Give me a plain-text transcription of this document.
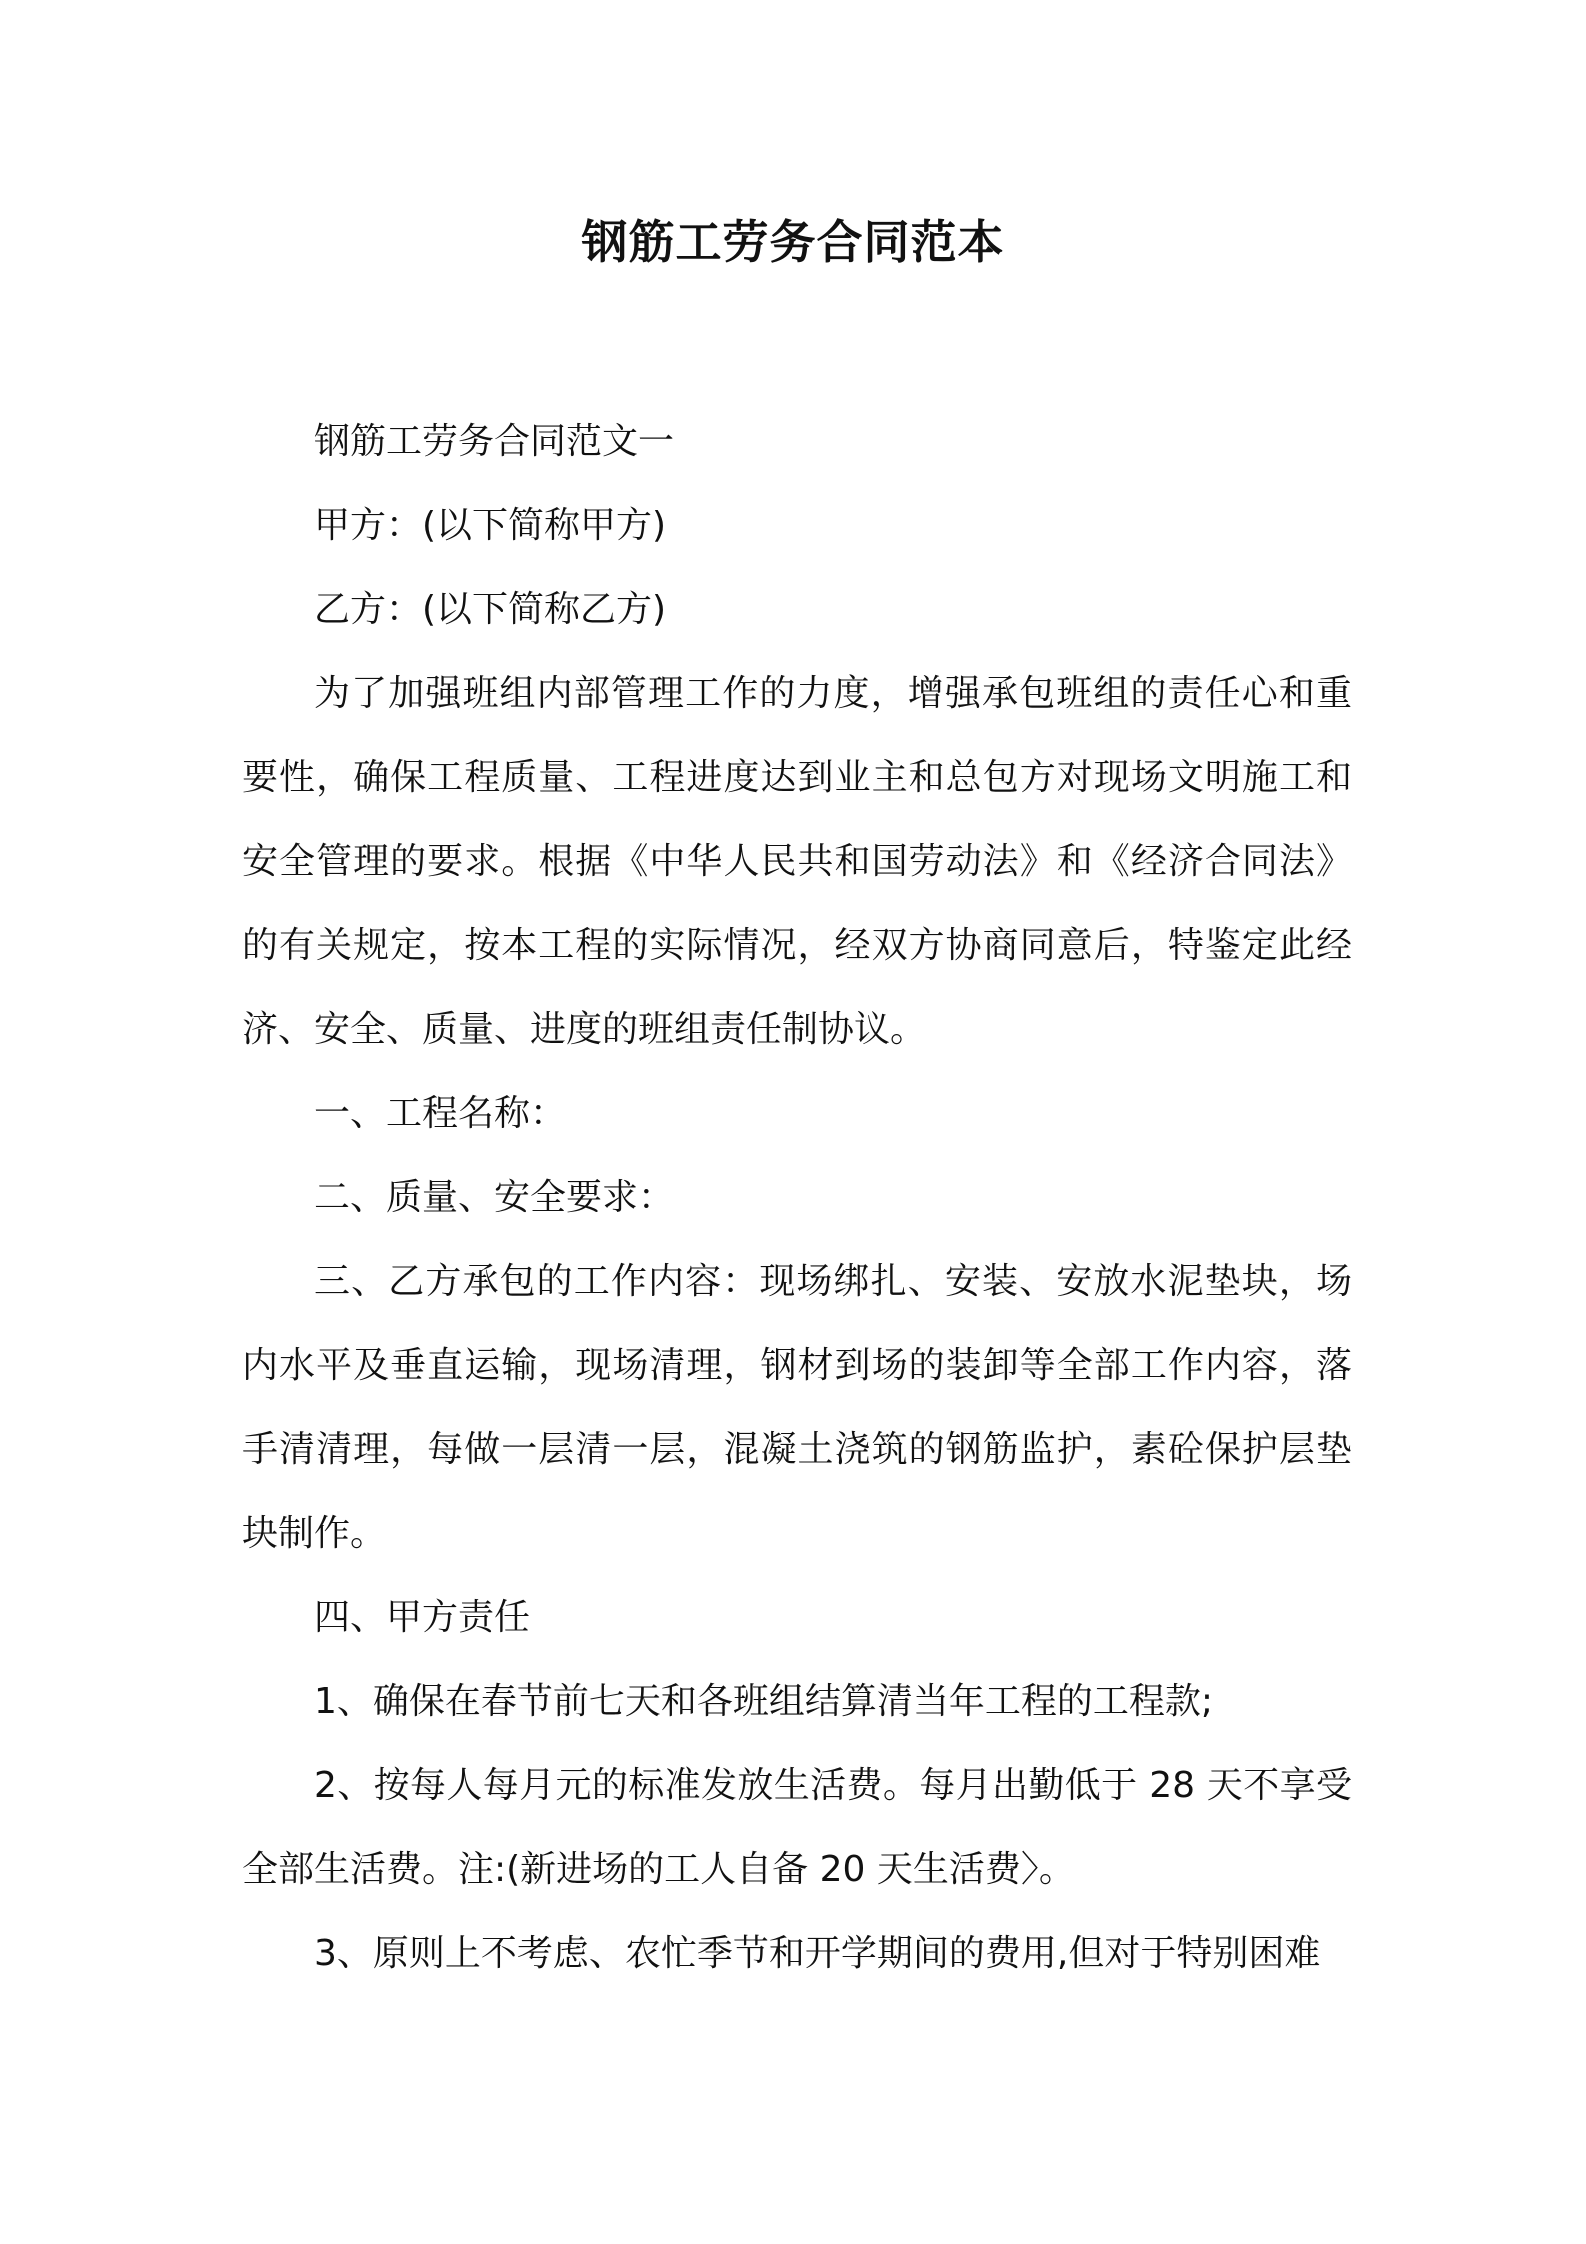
钢筋工劳务合同范本

钢筋工劳务合同范文一

甲方：(以下简称甲方)

乙方：(以下简称乙方)

为了加强班组内部管理工作的力度，增强承包班组的责任心和重要性，确保工程质量、工程进度达到业主和总包方对现场文明施工和安全管理的要求。根据《中华人民共和国劳动法》和《经济合同法》的有关规定，按本工程的实际情况，经双方协商同意后，特鉴定此经济、安全、质量、进度的班组责任制协议。

一、工程名称：

二、质量、安全要求：

三、乙方承包的工作内容：现场绑扎、安装、安放水泥垫块，场内水平及垂直运输，现场清理，钢材到场的装卸等全部工作内容，落手清清理，每做一层清一层，混凝土浇筑的钢筋监护，素砼保护层垫块制作。

四、甲方责任

1、确保在春节前七天和各班组结算清当年工程的工程款;

2、按每人每月元的标准发放生活费。每月出勤低于 28 天不享受全部生活费。注:(新进场的工人自备 20 天生活费〉。

3、原则上不考虑、农忙季节和开学期间的费用,但对于特别困难
